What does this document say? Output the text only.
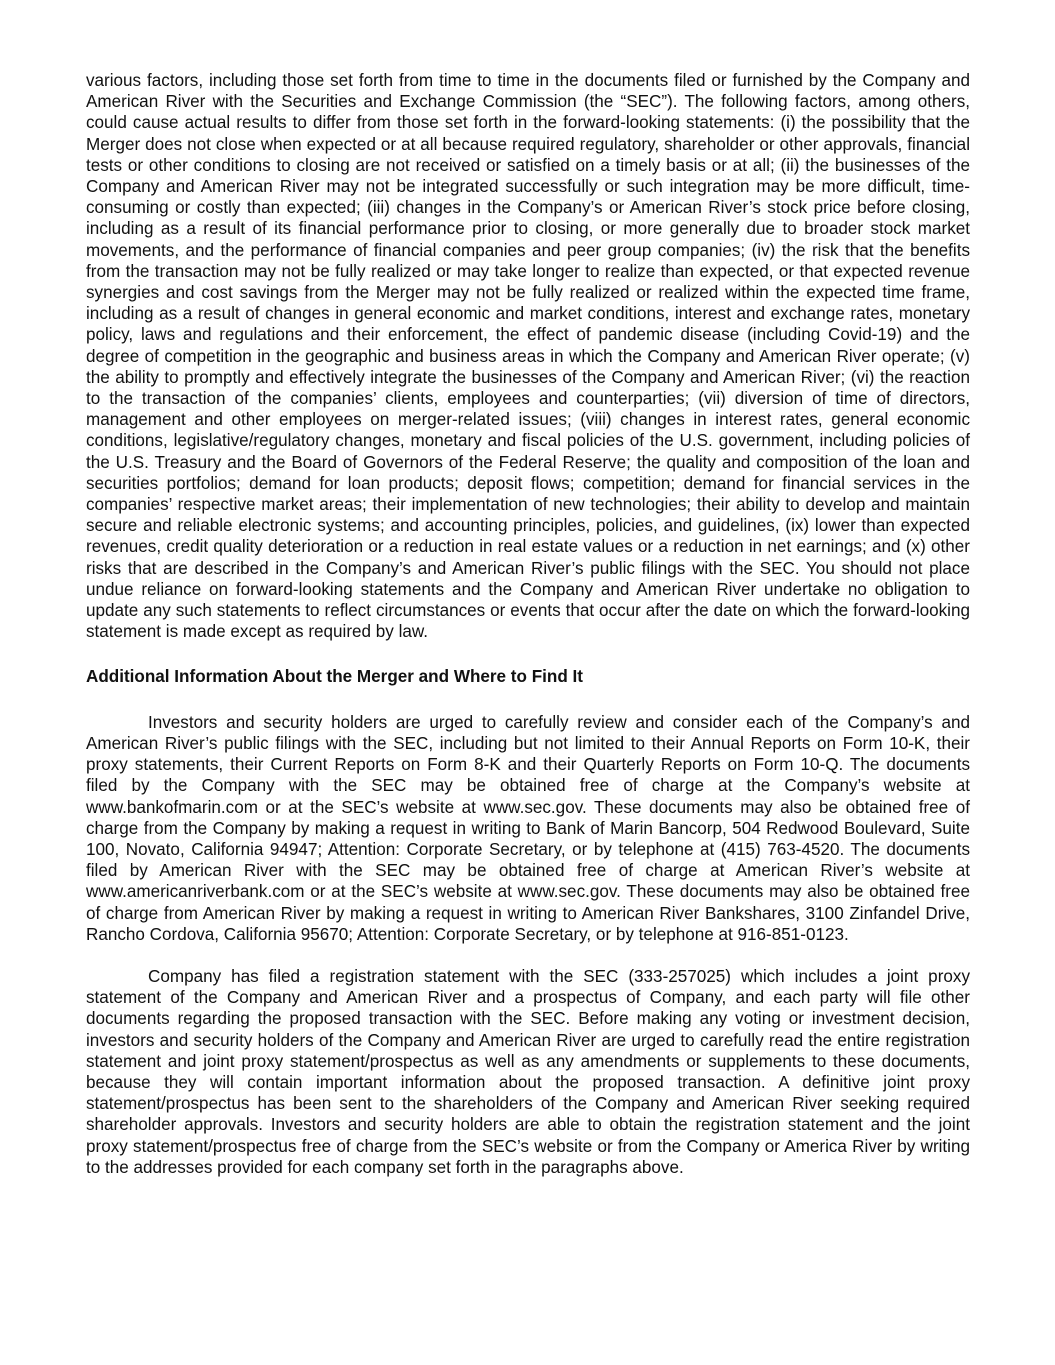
various factors, including those set forth from time to time in the documents filed or furnished by the Company and American River with the Securities and Exchange Commission (the “SEC”). The following factors, among others, could cause actual results to differ from those set forth in the forward-looking statements: (i) the possibility that the Merger does not close when expected or at all because required regulatory, shareholder or other approvals, financial tests or other conditions to closing are not received or satisfied on a timely basis or at all; (ii) the businesses of the Company and American River may not be integrated successfully or such integration may be more difficult, time-consuming or costly than expected; (iii) changes in the Company’s or American River’s stock price before closing, including as a result of its financial performance prior to closing, or more generally due to broader stock market movements, and the performance of financial companies and peer group companies; (iv) the risk that the benefits from the transaction may not be fully realized or may take longer to realize than expected, or that expected revenue synergies and cost savings from the Merger may not be fully realized or realized within the expected time frame, including as a result of changes in general economic and market conditions, interest and exchange rates, monetary policy, laws and regulations and their enforcement, the effect of pandemic disease (including Covid-19) and the degree of competition in the geographic and business areas in which the Company and American River operate; (v) the ability to promptly and effectively integrate the businesses of the Company and American River; (vi) the reaction to the transaction of the companies’ clients, employees and counterparties; (vii) diversion of time of directors, management and other employees on merger-related issues; (viii) changes in interest rates, general economic conditions, legislative/regulatory changes, monetary and fiscal policies of the U.S. government, including policies of the U.S. Treasury and the Board of Governors of the Federal Reserve; the quality and composition of the loan and securities portfolios; demand for loan products; deposit flows; competition; demand for financial services in the companies’ respective market areas; their implementation of new technologies; their ability to develop and maintain secure and reliable electronic systems; and accounting principles, policies, and guidelines, (ix) lower than expected revenues, credit quality deterioration or a reduction in real estate values or a reduction in net earnings; and (x) other risks that are described in the Company’s and American River’s public filings with the SEC. You should not place undue reliance on forward-looking statements and the Company and American River undertake no obligation to update any such statements to reflect circumstances or events that occur after the date on which the forward-looking statement is made except as required by law.

Additional Information About the Merger and Where to Find It

Investors and security holders are urged to carefully review and consider each of the Company’s and American River’s public filings with the SEC, including but not limited to their Annual Reports on Form 10-K, their proxy statements, their Current Reports on Form 8-K and their Quarterly Reports on Form 10-Q. The documents filed by the Company with the SEC may be obtained free of charge at the Company’s website at www.bankofmarin.com or at the SEC’s website at www.sec.gov. These documents may also be obtained free of charge from the Company by making a request in writing to Bank of Marin Bancorp, 504 Redwood Boulevard, Suite 100, Novato, California 94947; Attention: Corporate Secretary, or by telephone at (415) 763-4520. The documents filed by American River with the SEC may be obtained free of charge at American River’s website at www.americanriverbank.com or at the SEC’s website at www.sec.gov. These documents may also be obtained free of charge from American River by making a request in writing to American River Bankshares, 3100 Zinfandel Drive, Rancho Cordova, California 95670; Attention: Corporate Secretary, or by telephone at 916-851-0123.

Company has filed a registration statement with the SEC (333-257025) which includes a joint proxy statement of the Company and American River and a prospectus of Company, and each party will file other documents regarding the proposed transaction with the SEC. Before making any voting or investment decision, investors and security holders of the Company and American River are urged to carefully read the entire registration statement and joint proxy statement/prospectus as well as any amendments or supplements to these documents, because they will contain important information about the proposed transaction. A definitive joint proxy statement/prospectus has been sent to the shareholders of the Company and American River seeking required shareholder approvals. Investors and security holders are able to obtain the registration statement and the joint proxy statement/prospectus free of charge from the SEC’s website or from the Company or America River by writing to the addresses provided for each company set forth in the paragraphs above.
